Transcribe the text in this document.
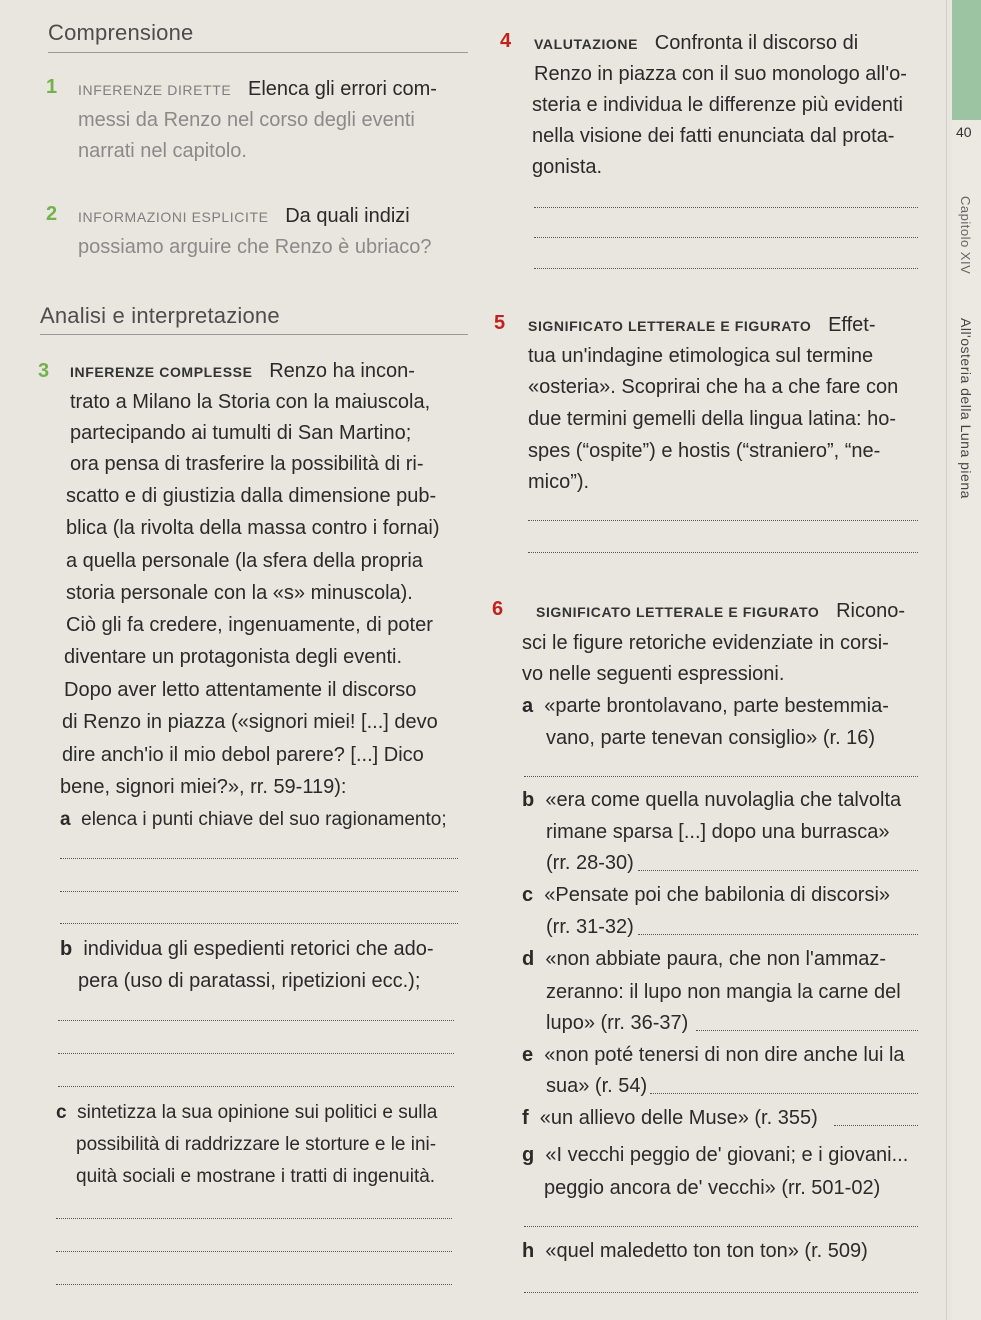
40
Capitolo XIV
All'osteria della Luna piena
Comprensione
1 INFERENZE DIRETTE Elenca gli errori com-
messi da Renzo nel corso degli eventi
narrati nel capitolo.
2 INFORMAZIONI ESPLICITE Da quali indizi
possiamo arguire che Renzo è ubriaco?
Analisi e interpretazione
3 INFERENZE COMPLESSE Renzo ha incon-
trato a Milano la Storia con la maiuscola,
partecipando ai tumulti di San Martino;
ora pensa di trasferire la possibilità di ri-
scatto e di giustizia dalla dimensione pub-
blica (la rivolta della massa contro i fornai)
a quella personale (la sfera della propria
storia personale con la «s» minuscola).
Ciò gli fa credere, ingenuamente, di poter
diventare un protagonista degli eventi.
Dopo aver letto attentamente il discorso
di Renzo in piazza («signori miei! [...] devo
dire anch'io il mio debol parere? [...] Dico
bene, signori miei?», rr. 59-119):
a elenca i punti chiave del suo ragionamento;
b individua gli espedienti retorici che ado-
pera (uso di paratassi, ripetizioni ecc.);
c sintetizza la sua opinione sui politici e sulla
possibilità di raddrizzare le storture e le ini-
quità sociali e mostrane i tratti di ingenuità.
4 VALUTAZIONE Confronta il discorso di
Renzo in piazza con il suo monologo all'o-
steria e individua le differenze più evidenti
nella visione dei fatti enunciata dal prota-
gonista.
5 SIGNIFICATO LETTERALE E FIGURATO Effet-
tua un'indagine etimologica sul termine
«osteria». Scoprirai che ha a che fare con
due termini gemelli della lingua latina: ho-
spes (“ospite”) e hostis (“straniero”, “ne-
mico”).
6 SIGNIFICATO LETTERALE E FIGURATO Ricono-
sci le figure retoriche evidenziate in corsi-
vo nelle seguenti espressioni.
a «parte brontolavano, parte bestemmia-
vano, parte tenevan consiglio» (r. 16)
b «era come quella nuvolaglia che talvolta
rimane sparsa [...] dopo una burrasca»
(rr. 28-30)
c «Pensate poi che babilonia di discorsi»
(rr. 31-32)
d «non abbiate paura, che non l'ammaz-
zeranno: il lupo non mangia la carne del
lupo» (rr. 36-37)
e «non poté tenersi di non dire anche lui la
sua» (r. 54)
f «un allievo delle Muse» (r. 355)
g «I vecchi peggio de' giovani; e i giovani...
peggio ancora de' vecchi» (rr. 501-02)
h «quel maledetto ton ton ton» (r. 509)
